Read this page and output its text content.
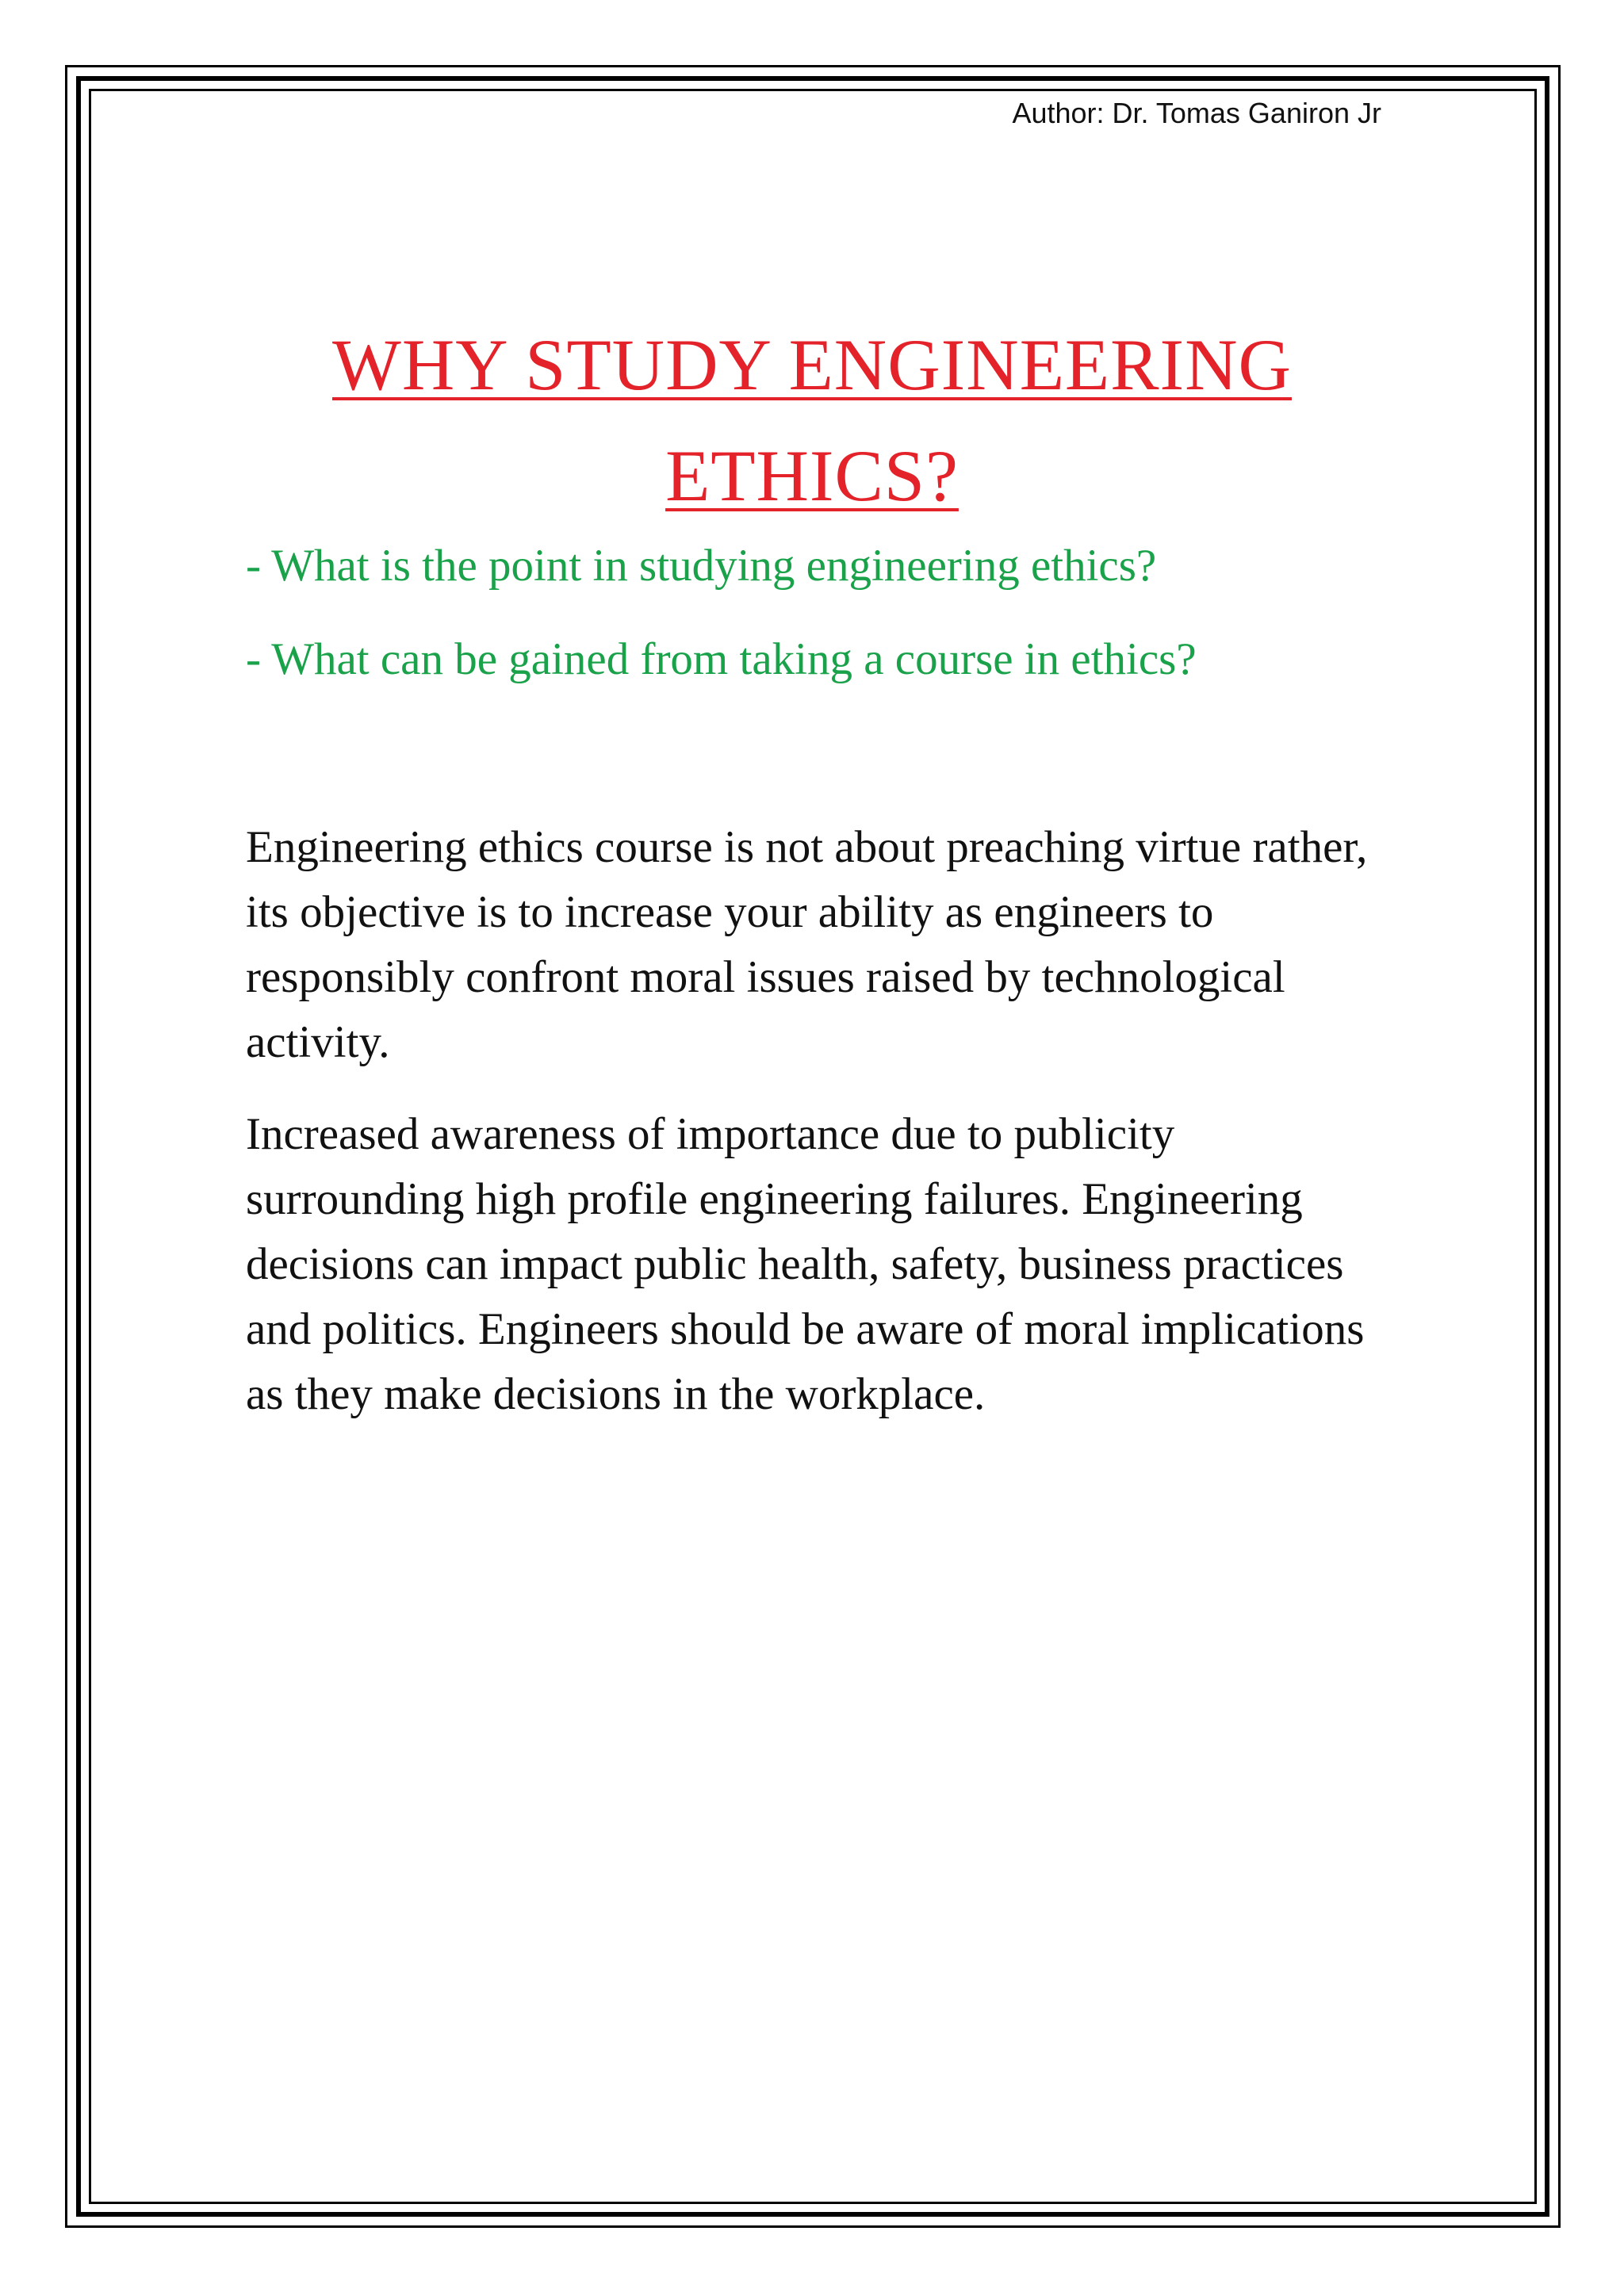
Author: Dr. Tomas Ganiron Jr
WHY STUDY ENGINEERING
ETHICS?
- What is the point in studying engineering ethics?
- What can be gained from taking a course in ethics?
Engineering ethics course is not about preaching virtue rather, its objective is to increase your ability as engineers to responsibly confront moral issues raised by technological activity.
Increased awareness of importance due to publicity surrounding high profile engineering failures. Engineering decisions can impact public health, safety, business practices and politics. Engineers should be aware of moral implications as they make decisions in the workplace.
